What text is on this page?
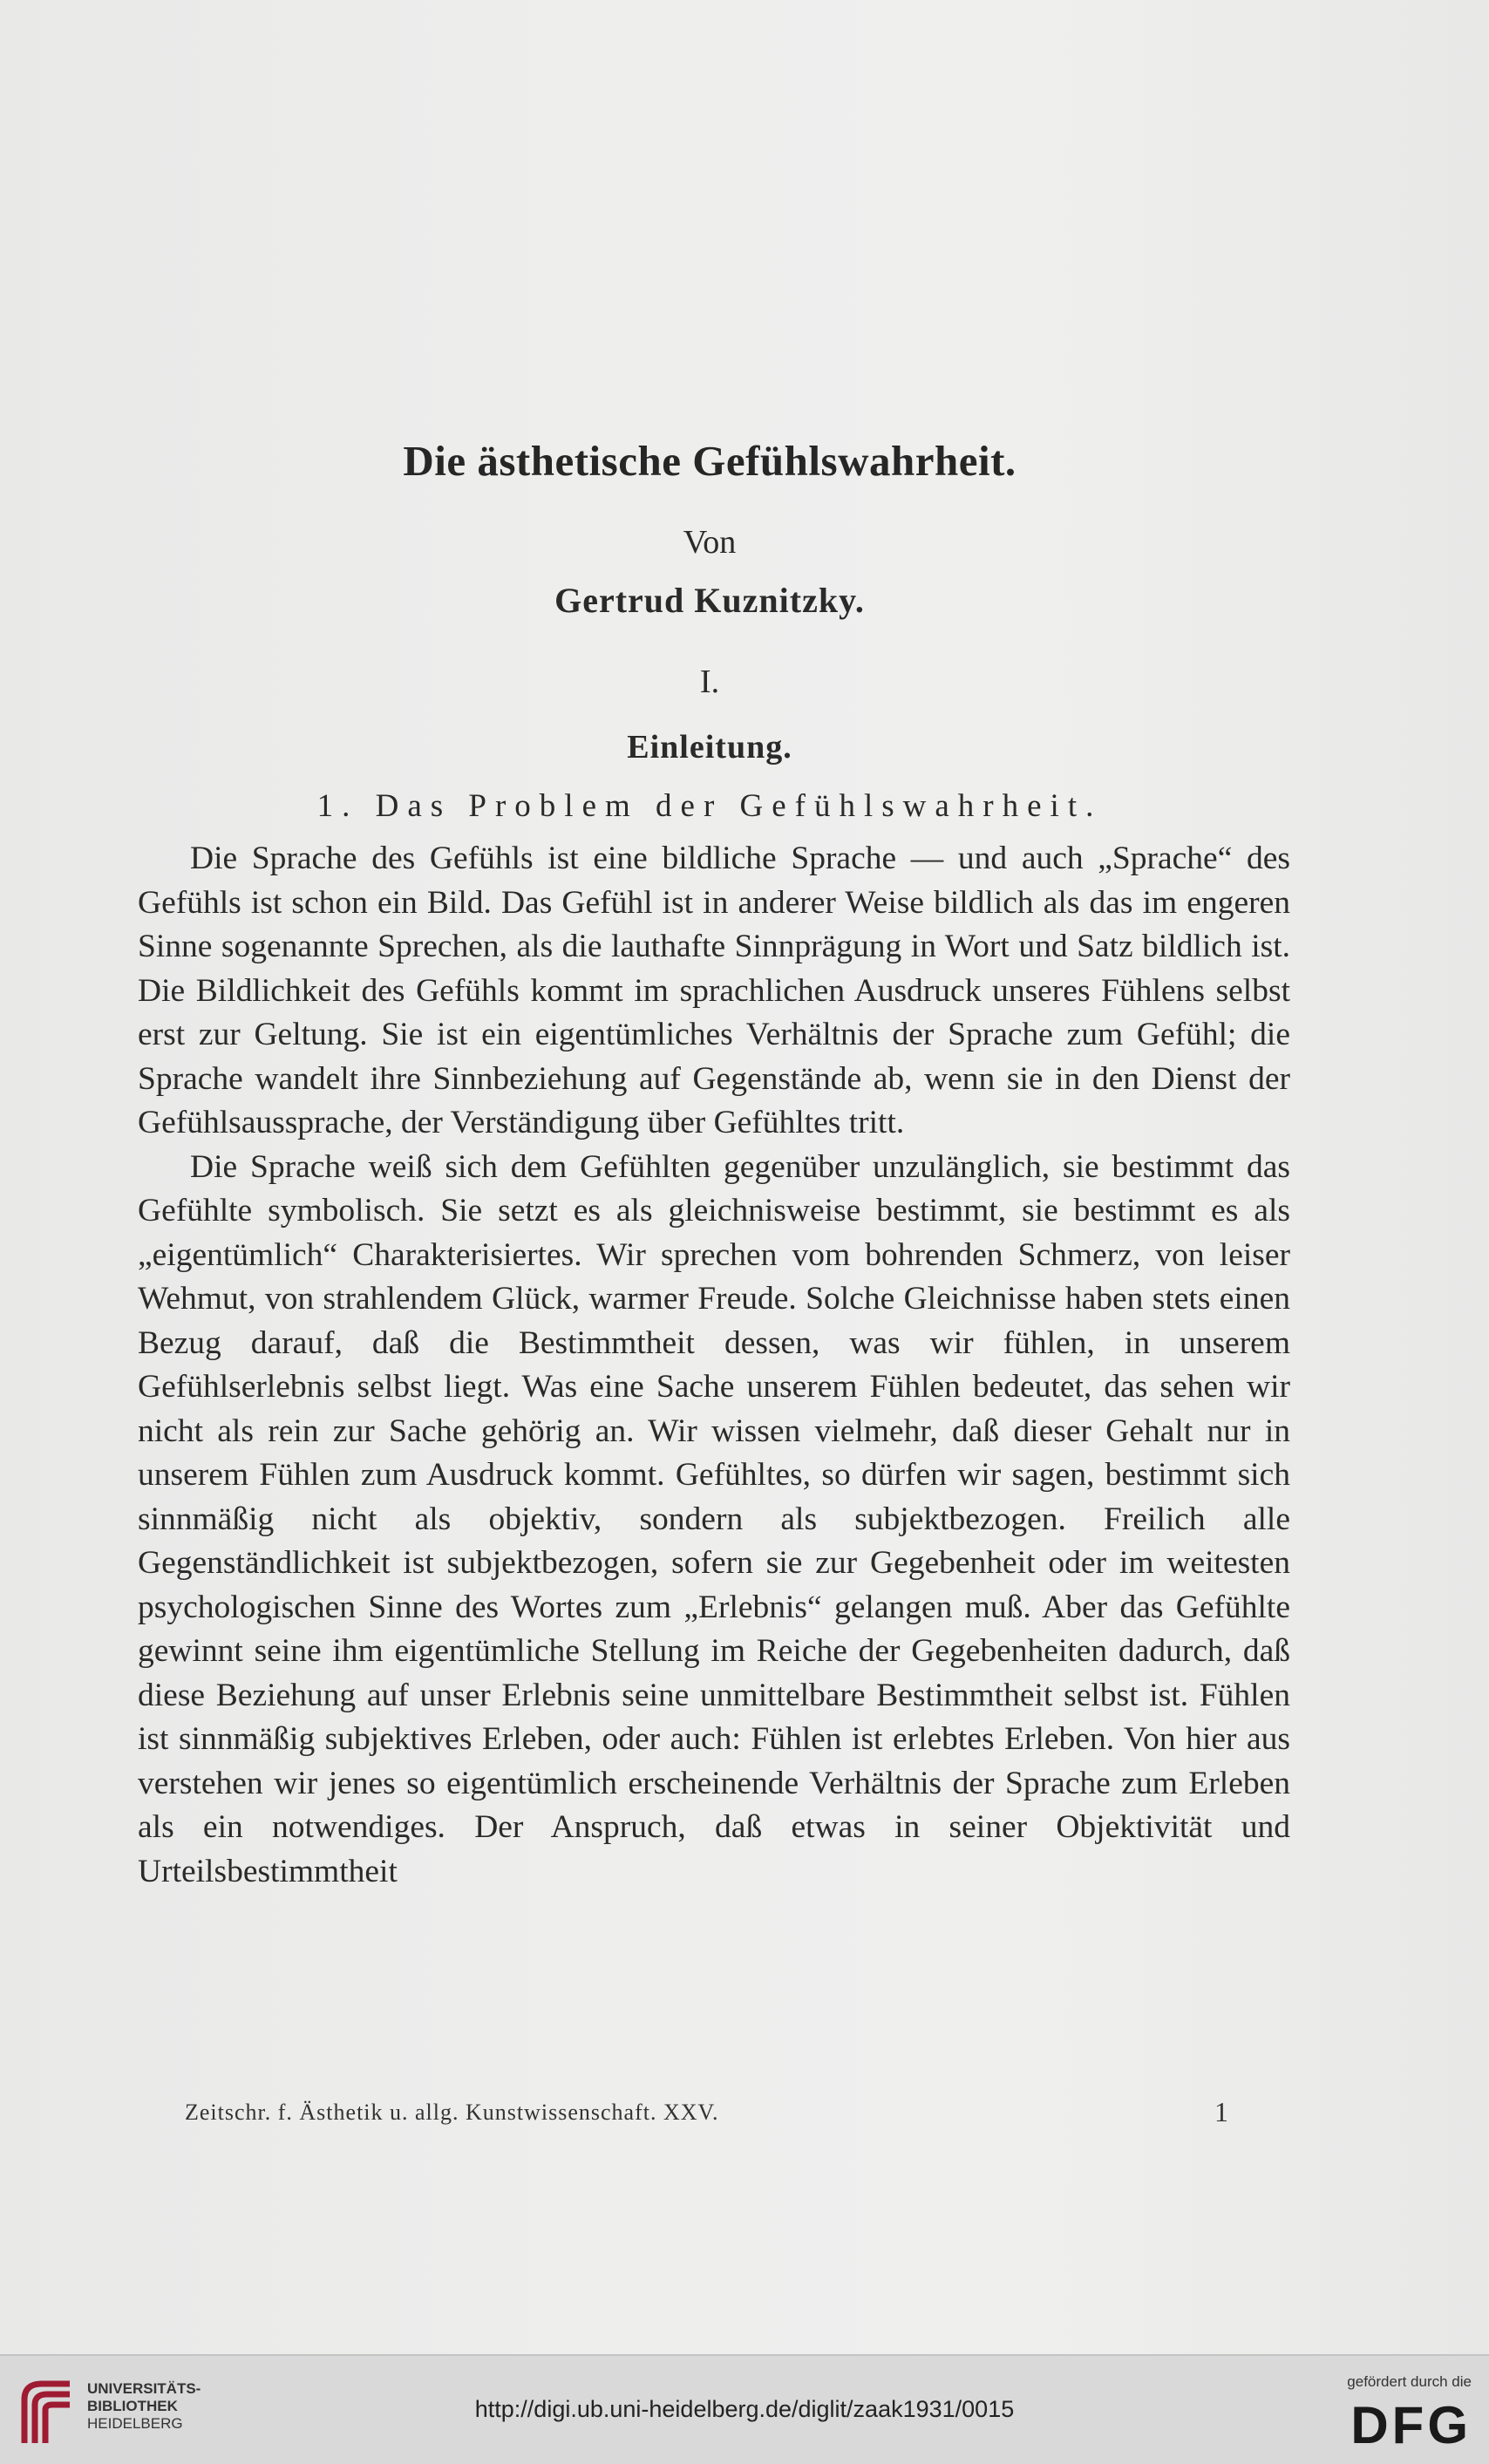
Die ästhetische Gefühlswahrheit.
Von
Gertrud Kuznitzky.
I.
Einleitung.
1. Das Problem der Gefühlswahrheit.

Die Sprache des Gefühls ist eine bildliche Sprache — und auch „Sprache“ des Gefühls ist schon ein Bild. Das Gefühl ist in anderer Weise bildlich als das im engeren Sinne sogenannte Sprechen, als die lauthafte Sinnprägung in Wort und Satz bildlich ist. Die Bildlichkeit des Gefühls kommt im sprachlichen Ausdruck unseres Fühlens selbst erst zur Geltung. Sie ist ein eigentümliches Verhältnis der Sprache zum Gefühl; die Sprache wandelt ihre Sinnbeziehung auf Gegenstände ab, wenn sie in den Dienst der Gefühlsaussprache, der Verständigung über Gefühltes tritt.

Die Sprache weiß sich dem Gefühlten gegenüber unzulänglich, sie bestimmt das Gefühlte symbolisch. Sie setzt es als gleichnisweise bestimmt, sie bestimmt es als „eigentümlich“ Charakterisiertes. Wir sprechen vom bohrenden Schmerz, von leiser Wehmut, von strahlendem Glück, warmer Freude. Solche Gleichnisse haben stets einen Bezug darauf, daß die Bestimmtheit dessen, was wir fühlen, in unserem Gefühlserlebnis selbst liegt. Was eine Sache unserem Fühlen bedeutet, das sehen wir nicht als rein zur Sache gehörig an. Wir wissen vielmehr, daß dieser Gehalt nur in unserem Fühlen zum Ausdruck kommt. Gefühltes, so dürfen wir sagen, bestimmt sich sinnmäßig nicht als objektiv, sondern als subjektbezogen. Freilich alle Gegenständlichkeit ist subjektbezogen, sofern sie zur Gegebenheit oder im weitesten psychologischen Sinne des Wortes zum „Erlebnis“ gelangen muß. Aber das Gefühlte gewinnt seine ihm eigentümliche Stellung im Reiche der Gegebenheiten dadurch, daß diese Beziehung auf unser Erlebnis seine unmittelbare Bestimmtheit selbst ist. Fühlen ist sinnmäßig subjektives Erleben, oder auch: Fühlen ist erlebtes Erleben. Von hier aus verstehen wir jenes so eigentümlich erscheinende Verhältnis der Sprache zum Erleben als ein notwendiges. Der Anspruch, daß etwas in seiner Objektivität und Urteilsbestimmtheit

Zeitschr. f. Ästhetik u. allg. Kunstwissenschaft. XXV.	1
UNIVERSITÄTS-
BIBLIOTHEK
HEIDELBERG
http://digi.ub.uni-heidelberg.de/diglit/zaak1931/0015
gefördert durch die
DFG
